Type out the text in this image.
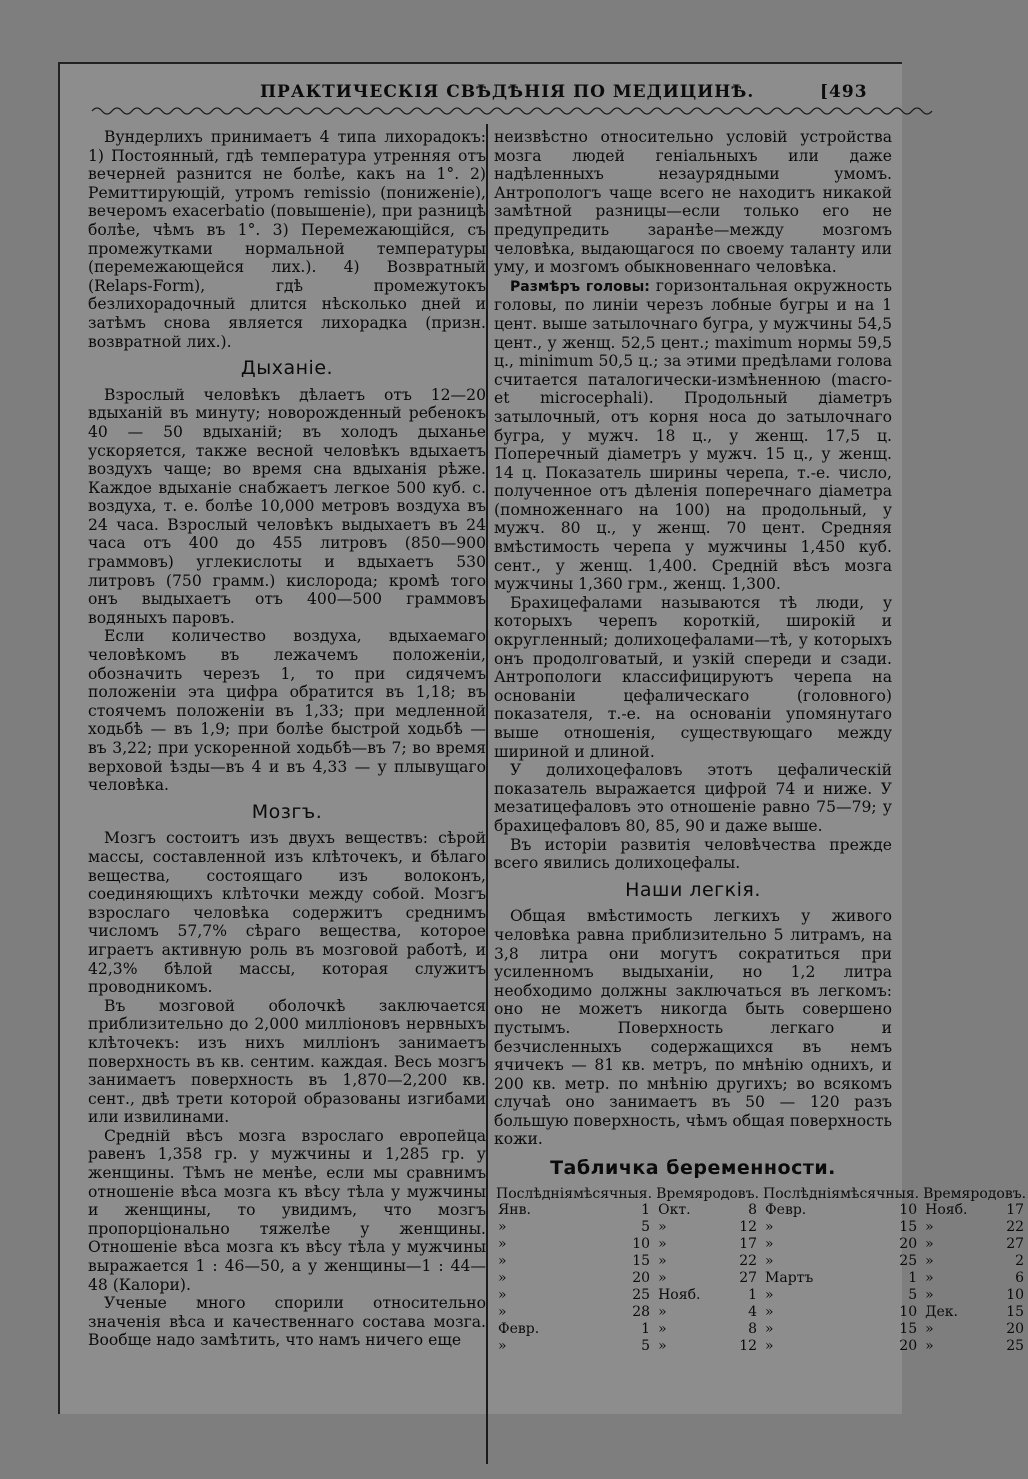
ПРАКТИЧЕСКІЯ СВѢДѢНІЯ ПО МЕДИЦИНѢ.	[493

Вундерлихъ принимаетъ 4 типа лихорадокъ: 1) Постоянный, гдѣ температура утренняя отъ вечерней разнится не болѣе, какъ на 1°. 2) Ремиттирующій, утромъ remissio (пониженіе), вечеромъ exacerbatio (повышеніе), при разницѣ болѣе, чѣмъ въ 1°. 3) Перемежающійся, съ промежутками нормальной температуры (перемежающейся лих.). 4) Возвратный (Relaps-Form), гдѣ промежутокъ безлихорадочный длится нѣсколько дней и затѣмъ снова является лихорадка (призн. возвратной лих.).

Дыханіе.

Взрослый человѣкъ дѣлаетъ отъ 12—20 вдыханій въ минуту; новорожденный ребенокъ 40 — 50 вдыханій; въ холодъ дыханье ускоряется, также весной человѣкъ вдыхаетъ воздухъ чаще; во время сна вдыханія рѣже. Каждое вдыханіе снабжаетъ легкое 500 куб. с. воздуха, т. е. болѣе 10,000 метровъ воздуха въ 24 часа. Взрослый человѣкъ выдыхаетъ въ 24 часа отъ 400 до 455 литровъ (850—900 граммовъ) углекислоты и вдыхаетъ 530 литровъ (750 грамм.) кислорода; кромѣ того онъ выдыхаетъ отъ 400—500 граммовъ водяныхъ паровъ.

Если количество воздуха, вдыхаемаго человѣкомъ въ лежачемъ положеніи, обозначить черезъ 1, то при сидячемъ положеніи эта цифра обратится въ 1,18; въ стоячемъ положеніи въ 1,33; при медленной ходьбѣ — въ 1,9; при болѣе быстрой ходьбѣ — въ 3,22; при ускоренной ходьбѣ—въ 7; во время верховой ѣзды—въ 4 и въ 4,33 — у плывущаго человѣка.

Мозгъ.

Мозгъ состоитъ изъ двухъ веществъ: сѣрой массы, составленной изъ клѣточекъ, и бѣлаго вещества, состоящаго изъ волоконъ, соединяющихъ клѣточки между собой. Мозгъ взрослаго человѣка содержитъ среднимъ числомъ 57,7% сѣраго вещества, которое играетъ активную роль въ мозговой работѣ, и 42,3% бѣлой массы, которая служитъ проводникомъ.

Въ мозговой оболочкѣ заключается приблизительно до 2,000 милліоновъ нервныхъ клѣточекъ: изъ нихъ милліонъ занимаетъ поверхность въ кв. сентим. каждая. Весь мозгъ занимаетъ поверхность въ 1,870—2,200 кв. сент., двѣ трети которой образованы изгибами или извилинами.

Средній вѣсъ мозга взрослаго европейца равенъ 1,358 гр. у мужчины и 1,285 гр. у женщины. Тѣмъ не менѣе, если мы сравнимъ отношеніе вѣса мозга къ вѣсу тѣла у мужчины и женщины, то увидимъ, что мозгъ пропорціонально тяжелѣе у женщины. Отношеніе вѣса мозга къ вѣсу тѣла у мужчины выражается 1 : 46—50, а у женщины—1 : 44—48 (Калори).

Ученые много спорили относительно значенія вѣса и качественнаго состава мозга. Вообще надо замѣтить, что намъ ничего еще

неизвѣстно относительно условій устройства мозга людей геніальныхъ или даже надѣленныхъ незаурядными умомъ. Антропологъ чаще всего не находитъ никакой замѣтной разницы—если только его не предупредить заранѣе—между мозгомъ человѣка, выдающагося по своему таланту или уму, и мозгомъ обыкновеннаго человѣка.

Размѣръ головы: горизонтальная окружность головы, по линіи черезъ лобные бугры и на 1 цент. выше затылочнаго бугра, у мужчины 54,5 цент., у женщ. 52,5 цент.; maximum нормы 59,5 ц., minimum 50,5 ц.; за этими предѣлами голова считается паталогически-измѣненною (macro- et microcephali). Продольный діаметръ затылочный, отъ корня носа до затылочнаго бугра, у мужч. 18 ц., у женщ. 17,5 ц. Поперечный діаметръ у мужч. 15 ц., у женщ. 14 ц. Показатель ширины черепа, т.-е. число, полученное отъ дѣленія поперечнаго діаметра (помноженнаго на 100) на продольный, у мужч. 80 ц., у женщ. 70 цент. Средняя вмѣстимость черепа у мужчины 1,450 куб. сент., у женщ. 1,400. Средній вѣсъ мозга мужчины 1,360 грм., женщ. 1,300.

Брахицефалами называются тѣ люди, у которыхъ черепъ короткій, широкій и округленный; долихоцефалами—тѣ, у которыхъ онъ продолговатый, и узкій спереди и сзади. Антропологи классифицируютъ черепа на основаніи цефалическаго (головного) показателя, т.-е. на основаніи упомянутаго выше отношенія, существующаго между шириной и длиной.

У долихоцефаловъ этотъ цефалическій показатель выражается цифрой 74 и ниже. У мезатицефаловъ это отношеніе равно 75—79; у брахицефаловъ 80, 85, 90 и даже выше.

Въ исторіи развитія человѣчества прежде всего явились долихоцефалы.

Наши легкія.

Общая вмѣстимость легкихъ у живого человѣка равна приблизительно 5 литрамъ, на 3,8 литра они могутъ сократиться при усиленномъ выдыханіи, но 1,2 литра необходимо должны заключаться въ легкомъ: оно не можетъ никогда быть совершено пустымъ. Поверхность легкаго и безчисленныхъ содержащихся въ немъ ячичекъ — 81 кв. метръ, по мнѣнію однихъ, и 200 кв. метр. по мнѣнію другихъ; во всякомъ случаѣ оно занимаетъ въ 50 — 120 разъ большую поверхность, чѣмъ общая поверхность кожи.

Табличка беременности.
Послѣдніямѣсячныя.		Времяродовъ.		Послѣдніямѣсячныя.		Времяродовъ.	
Янв.	1	Окт.	8	Февр.	10	Нояб.	17
»	5	»	12	»	15	»	22
»	10	»	17	»	20	»	27
»	15	»	22	»	25	»	2
»	20	»	27	Мартъ	1	»	6
»	25	Нояб.	1	»	5	»	10
»	28	»	4	»	10	Дек.	15
Февр.	1	»	8	»	15	»	20
»	5	»	12	»	20	»	25
